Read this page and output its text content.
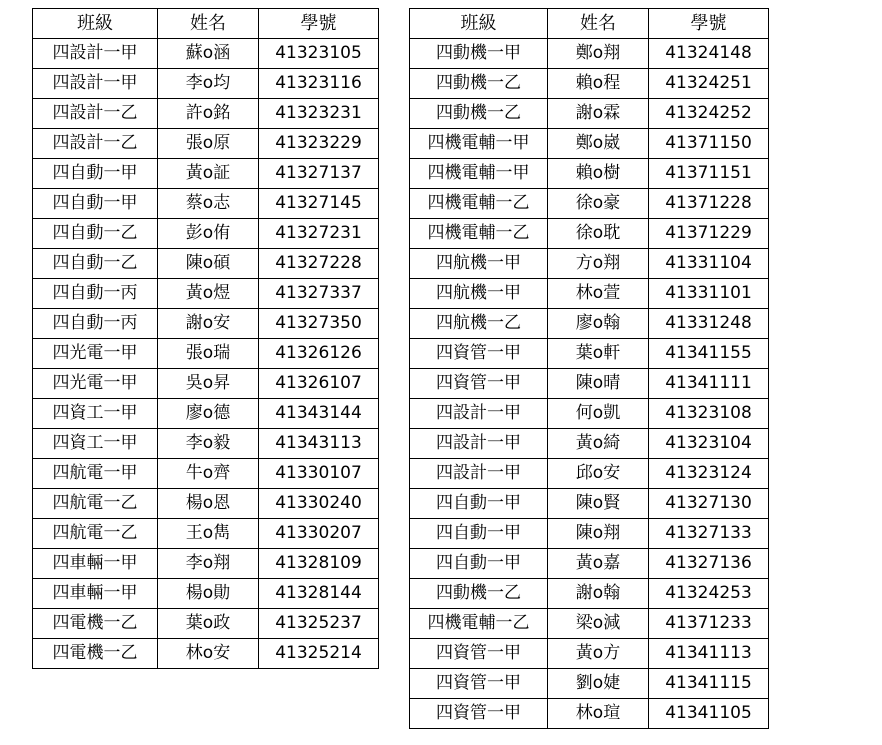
班級	姓名	學號
四設計一甲	蘇o涵	41323105
四設計一甲	李o均	41323116
四設計一乙	許o銘	41323231
四設計一乙	張o原	41323229
四自動一甲	黃o証	41327137
四自動一甲	蔡o志	41327145
四自動一乙	彭o侑	41327231
四自動一乙	陳o碩	41327228
四自動一丙	黃o煜	41327337
四自動一丙	謝o安	41327350
四光電一甲	張o瑞	41326126
四光電一甲	吳o昇	41326107
四資工一甲	廖o德	41343144
四資工一甲	李o毅	41343113
四航電一甲	牛o齊	41330107
四航電一乙	楊o恩	41330240
四航電一乙	王o雋	41330207
四車輛一甲	李o翔	41328109
四車輛一甲	楊o勛	41328144
四電機一乙	葉o政	41325237
四電機一乙	林o安	41325214
班級	姓名	學號
四動機一甲	鄭o翔	41324148
四動機一乙	賴o程	41324251
四動機一乙	謝o霖	41324252
四機電輔一甲	鄭o崴	41371150
四機電輔一甲	賴o樹	41371151
四機電輔一乙	徐o豪	41371228
四機電輔一乙	徐o耽	41371229
四航機一甲	方o翔	41331104
四航機一甲	林o萱	41331101
四航機一乙	廖o翰	41331248
四資管一甲	葉o軒	41341155
四資管一甲	陳o晴	41341111
四設計一甲	何o凱	41323108
四設計一甲	黃o綺	41323104
四設計一甲	邱o安	41323124
四自動一甲	陳o賢	41327130
四自動一甲	陳o翔	41327133
四自動一甲	黃o嘉	41327136
四動機一乙	謝o翰	41324253
四機電輔一乙	梁o減	41371233
四資管一甲	黃o方	41341113
四資管一甲	劉o婕	41341115
四資管一甲	林o瑄	41341105
